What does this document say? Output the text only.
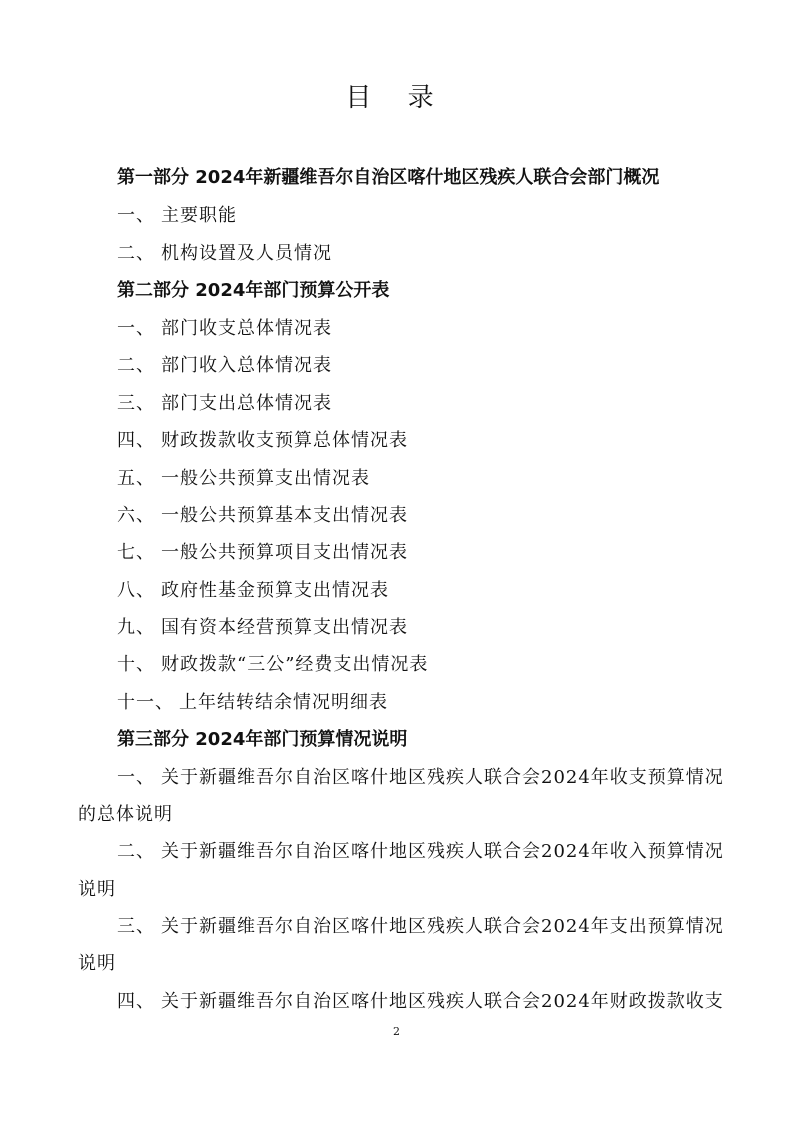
目 录
第一部分 2024年新疆维吾尔自治区喀什地区残疾人联合会部门概况
一、 主要职能
二、 机构设置及人员情况
第二部分 2024年部门预算公开表
一、 部门收支总体情况表
二、 部门收入总体情况表
三、 部门支出总体情况表
四、 财政拨款收支预算总体情况表
五、 一般公共预算支出情况表
六、 一般公共预算基本支出情况表
七、 一般公共预算项目支出情况表
八、 政府性基金预算支出情况表
九、 国有资本经营预算支出情况表
十、 财政拨款“三公”经费支出情况表
十一、 上年结转结余情况明细表
第三部分 2024年部门预算情况说明
一、 关于新疆维吾尔自治区喀什地区残疾人联合会2024年收支预算情况
的总体说明
二、 关于新疆维吾尔自治区喀什地区残疾人联合会2024年收入预算情况
说明
三、 关于新疆维吾尔自治区喀什地区残疾人联合会2024年支出预算情况
说明
四、 关于新疆维吾尔自治区喀什地区残疾人联合会2024年财政拨款收支
2
